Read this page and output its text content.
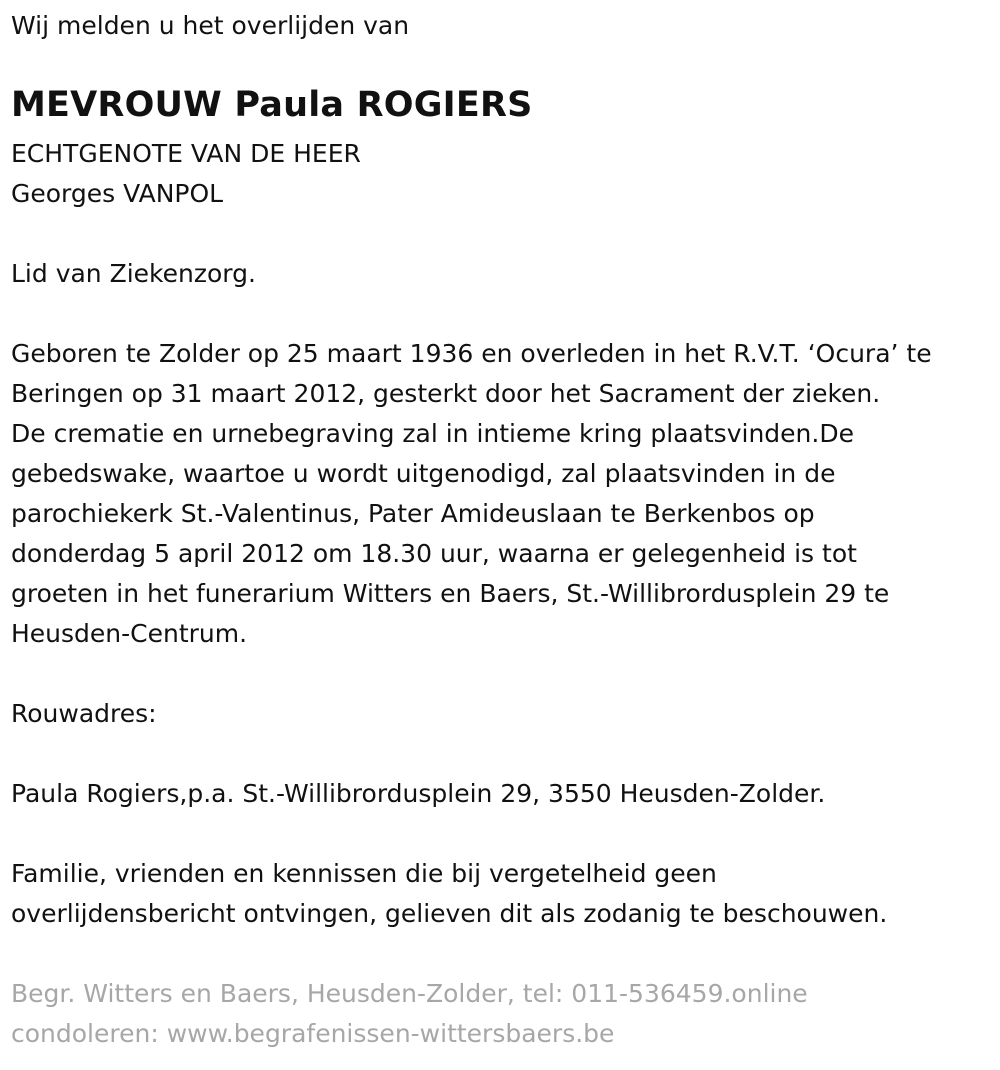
Wij melden u het overlijden van
MEVROUW Paula ROGIERS
ECHTGENOTE VAN DE HEER
Georges VANPOL
Lid van Ziekenzorg.
Geboren te Zolder op 25 maart 1936 en overleden in het R.V.T. ‘Ocura’ te
Beringen op 31 maart 2012, gesterkt door het Sacrament der zieken.
De crematie en urnebegraving zal in intieme kring plaatsvinden.De
gebedswake, waartoe u wordt uitgenodigd, zal plaatsvinden in de
parochiekerk St.-Valentinus, Pater Amideuslaan te Berkenbos op
donderdag 5 april 2012 om 18.30 uur, waarna er gelegenheid is tot
groeten in het funerarium Witters en Baers, St.-Willibrordusplein 29 te
Heusden-Centrum.
Rouwadres:
Paula Rogiers,p.a. St.-Willibrordusplein 29, 3550 Heusden-Zolder.
Familie, vrienden en kennissen die bij vergetelheid geen
overlijdensbericht ontvingen, gelieven dit als zodanig te beschouwen.
Begr. Witters en Baers, Heusden-Zolder, tel: 011-536459.online
condoleren: www.begrafenissen-wittersbaers.be
